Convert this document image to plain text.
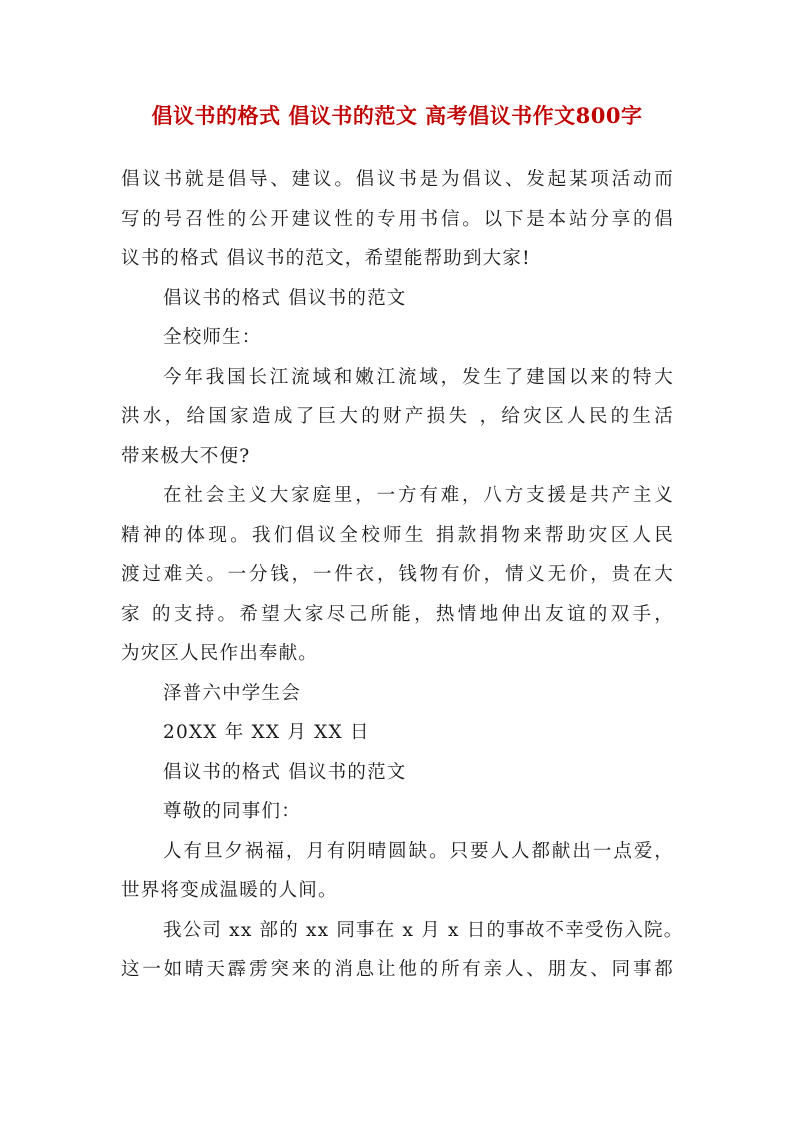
倡议书的格式 倡议书的范文 高考倡议书作文800字
倡议书就是倡导、建议。倡议书是为倡议、发起某项活动而
写的号召性的公开建议性的专用书信。以下是本站分享的倡
议书的格式 倡议书的范文，希望能帮助到大家!
倡议书的格式 倡议书的范文
全校师生：
今年我国长江流域和嫩江流域，发生了建国以来的特大
洪水，给国家造成了巨大的财产损失 ，给灾区人民的生活
带来极大不便?
在社会主义大家庭里，一方有难，八方支援是共产主义
精神的体现。我们倡议全校师生 捐款捐物来帮助灾区人民
渡过难关。一分钱，一件衣，钱物有价，情义无价，贵在大
家 的支持。希望大家尽己所能，热情地伸出友谊的双手，
为灾区人民作出奉献。
泽普六中学生会
20XX 年 XX 月 XX 日
倡议书的格式 倡议书的范文
尊敬的同事们：
人有旦夕祸福，月有阴晴圆缺。只要人人都献出一点爱，
世界将变成温暖的人间。
我公司 xx 部的 xx 同事在 x 月 x 日的事故不幸受伤入院。
这一如晴天霹雳突来的消息让他的所有亲人、朋友、同事都
